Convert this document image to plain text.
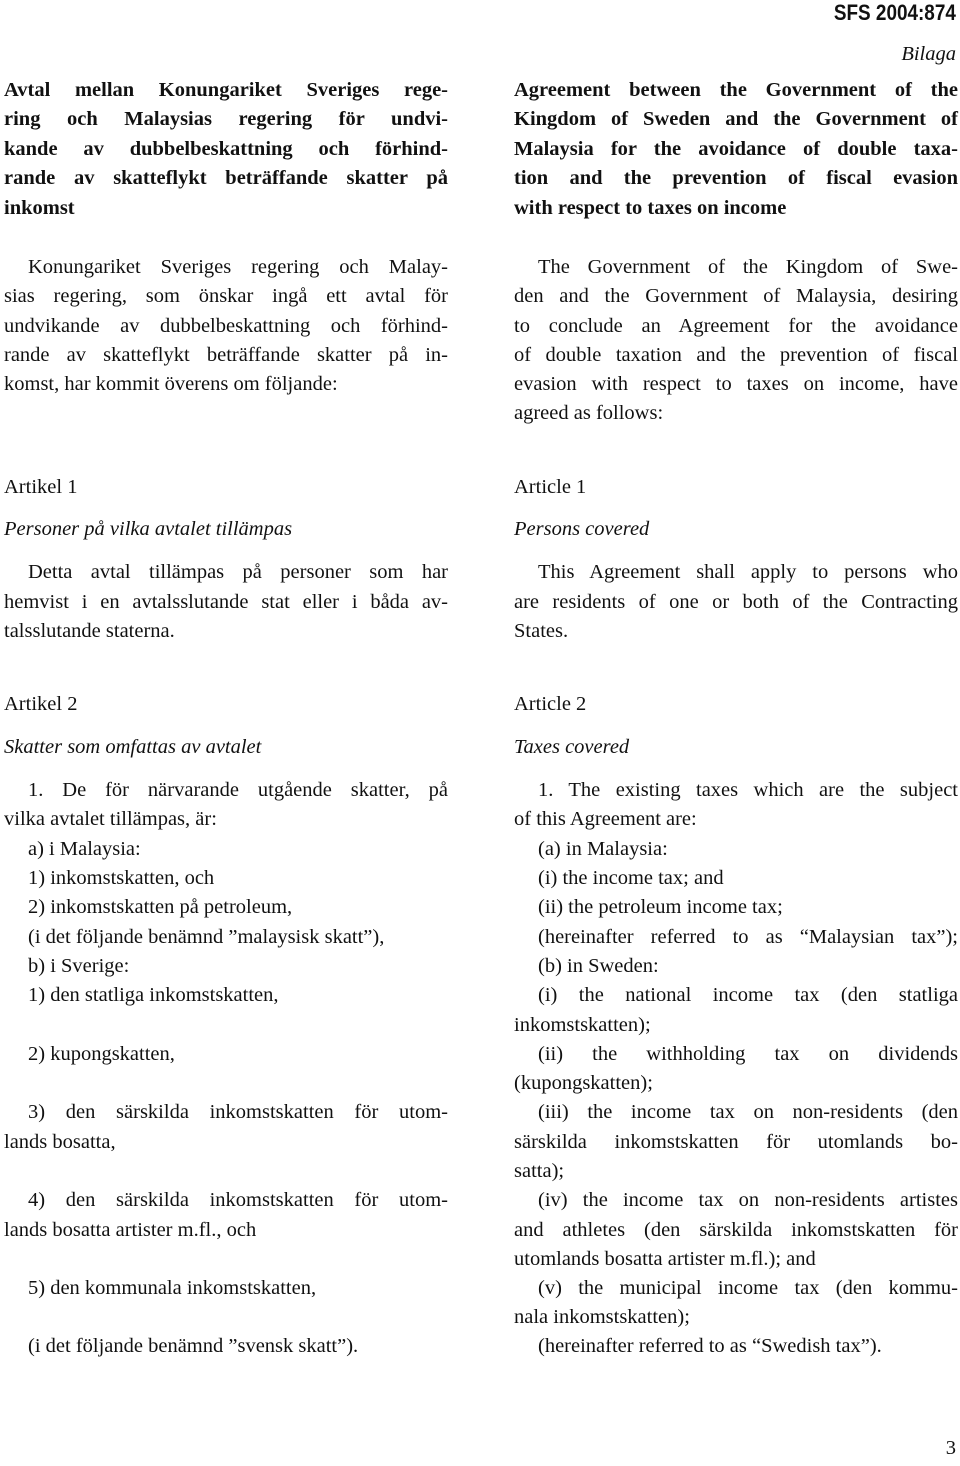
SFS 2004:874
Bilaga
Avtal mellan Konungariket Sveriges rege-
ring och Malaysias regering för undvi-
kande av dubbelbeskattning och förhind-
rande av skatteflykt beträffande skatter på
inkomst
Konungariket Sveriges regering och Malay-
sias regering, som önskar ingå ett avtal för
undvikande av dubbelbeskattning och förhind-
rande av skatteflykt beträffande skatter på in-
komst, har kommit överens om följande:
Artikel 1
Personer på vilka avtalet tillämpas
Detta avtal tillämpas på personer som har
hemvist i en avtalsslutande stat eller i båda av-
talsslutande staterna.
Artikel 2
Skatter som omfattas av avtalet
1. De för närvarande utgående skatter, på
vilka avtalet tillämpas, är:
a) i Malaysia:
1) inkomstskatten, och
2) inkomstskatten på petroleum,
(i det följande benämnd ”malaysisk skatt”),
b) i Sverige:
1) den statliga inkomstskatten,
2) kupongskatten,
3) den särskilda inkomstskatten för utom-
lands bosatta,
4) den särskilda inkomstskatten för utom-
lands bosatta artister m.fl., och
5) den kommunala inkomstskatten,
(i det följande benämnd ”svensk skatt”).
Agreement between the Government of the
Kingdom of Sweden and the Government of
Malaysia for the avoidance of double taxa-
tion and the prevention of fiscal evasion
with respect to taxes on income
The Government of the Kingdom of Swe-
den and the Government of Malaysia, desiring
to conclude an Agreement for the avoidance
of double taxation and the prevention of fiscal
evasion with respect to taxes on income, have
agreed as follows:
Article 1
Persons covered
This Agreement shall apply to persons who
are residents of one or both of the Contracting
States.
Article 2
Taxes covered
1. The existing taxes which are the subject
of this Agreement are:
(a) in Malaysia:
(i) the income tax; and
(ii) the petroleum income tax;
(hereinafter referred to as “Malaysian tax”);
(b) in Sweden:
(i) the national income tax (den statliga
inkomstskatten);
(ii) the withholding tax on dividends
(kupongskatten);
(iii) the income tax on non-residents (den
särskilda inkomstskatten för utomlands bo-
satta);
(iv) the income tax on non-residents artistes
and athletes (den särskilda inkomstskatten för
utomlands bosatta artister m.fl.); and
(v) the municipal income tax (den kommu-
nala inkomstskatten);
(hereinafter referred to as “Swedish tax”).
3
